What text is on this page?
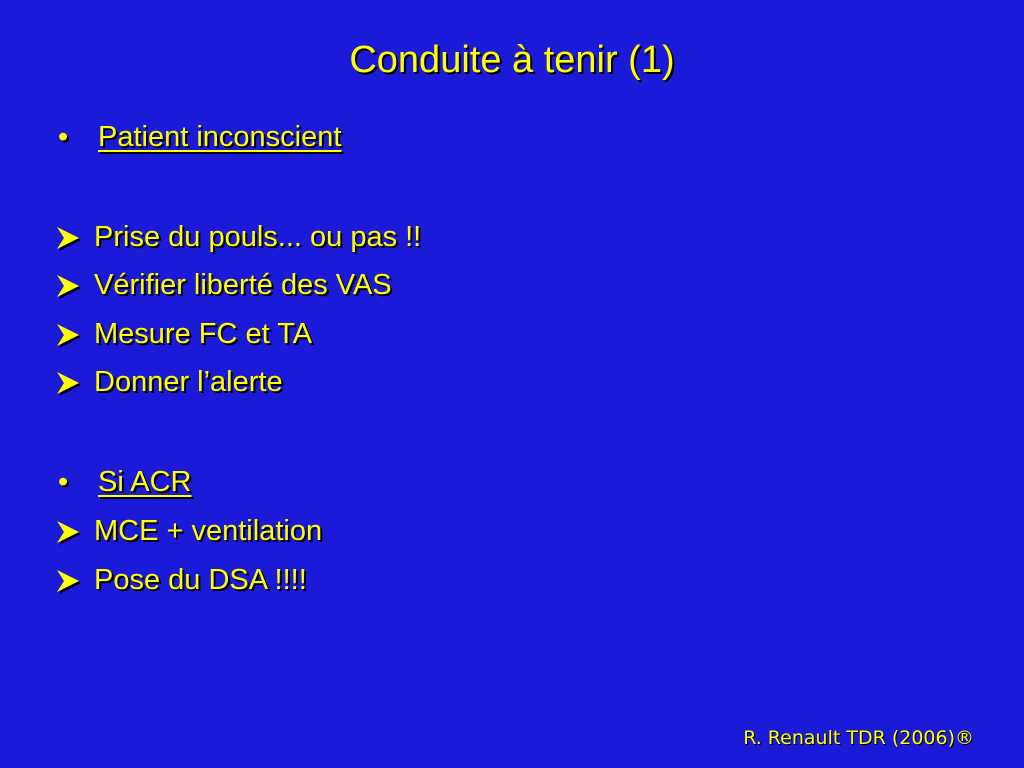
Conduite à tenir (1)
• Patient inconscient
Prise du pouls... ou pas !!
Vérifier liberté des VAS
Mesure FC et TA
Donner l’alerte
• Si ACR
MCE + ventilation
Pose du DSA !!!!
R. Renault TDR (2006)®
